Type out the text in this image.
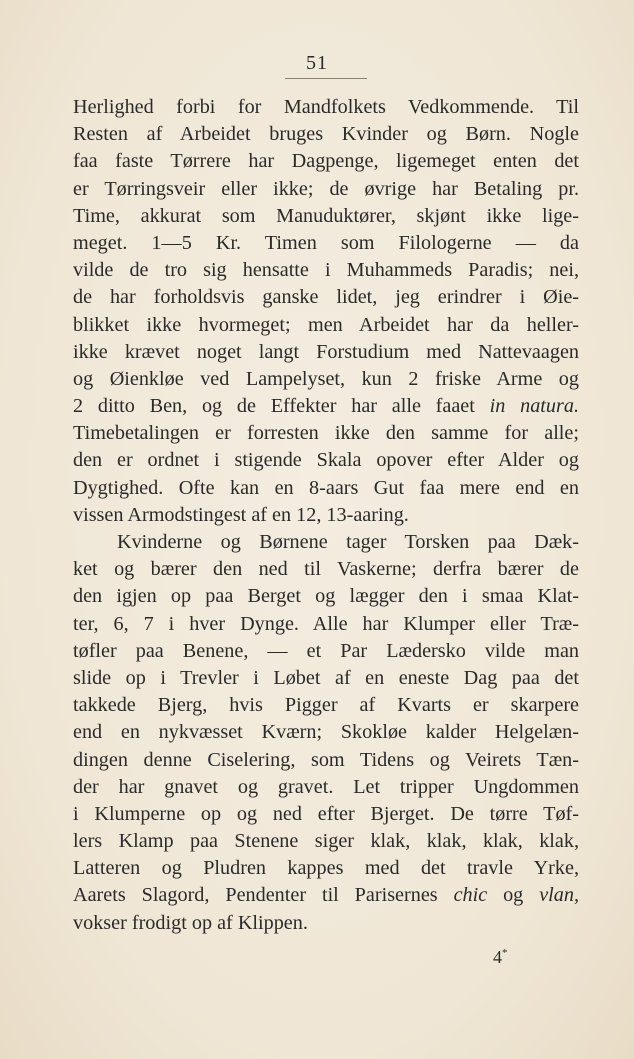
51
Herlighed forbi for Mandfolkets Vedkommende. Til
Resten af Arbeidet bruges Kvinder og Børn. Nogle
faa faste Tørrere har Dagpenge, ligemeget enten det
er Tørringsveir eller ikke; de øvrige har Betaling pr.
Time, akkurat som Manuduktører, skjønt ikke lige-
meget. 1—5 Kr. Timen som Filologerne — da
vilde de tro sig hensatte i Muhammeds Paradis; nei,
de har forholdsvis ganske lidet, jeg erindrer i Øie-
blikket ikke hvormeget; men Arbeidet har da heller-
ikke krævet noget langt Forstudium med Nattevaagen
og Øienkløe ved Lampelyset, kun 2 friske Arme og
2 ditto Ben, og de Effekter har alle faaet in natura.
Timebetalingen er forresten ikke den samme for alle;
den er ordnet i stigende Skala opover efter Alder og
Dygtighed. Ofte kan en 8-aars Gut faa mere end en
vissen Armodstingest af en 12, 13-aaring.
Kvinderne og Børnene tager Torsken paa Dæk-
ket og bærer den ned til Vaskerne; derfra bærer de
den igjen op paa Berget og lægger den i smaa Klat-
ter, 6, 7 i hver Dynge. Alle har Klumper eller Træ-
tøfler paa Benene, — et Par Lædersko vilde man
slide op i Trevler i Løbet af en eneste Dag paa det
takkede Bjerg, hvis Pigger af Kvarts er skarpere
end en nykvæsset Kværn; Skokløe kalder Helgelæn-
dingen denne Ciselering, som Tidens og Veirets Tæn-
der har gnavet og gravet. Let tripper Ungdommen
i Klumperne op og ned efter Bjerget. De tørre Tøf-
lers Klamp paa Stenene siger klak, klak, klak, klak,
Latteren og Pludren kappes med det travle Yrke,
Aarets Slagord, Pendenter til Parisernes chic og vlan,
vokser frodigt op af Klippen.
4*
